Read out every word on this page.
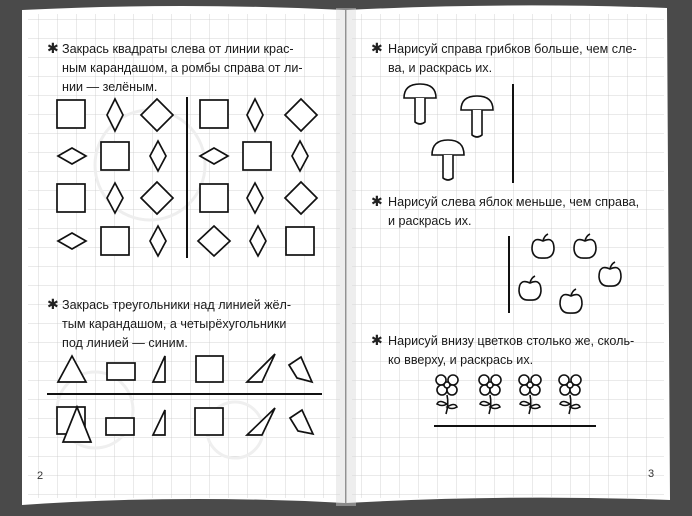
✱ Закрась квадраты слева от линии крас-
ным карандашом, а ромбы справа от ли-
нии — зелёным.
✱ Закрась треугольники над линией жёл-
тым карандашом, а четырёхугольники
под линией — синим.
2
✱ Нарисуй справа грибков больше, чем сле-
ва, и раскрась их.
✱ Нарисуй слева яблок меньше, чем справа,
и раскрась их.
✱ Нарисуй внизу цветков столько же, сколь-
ко вверху, и раскрась их.
3
